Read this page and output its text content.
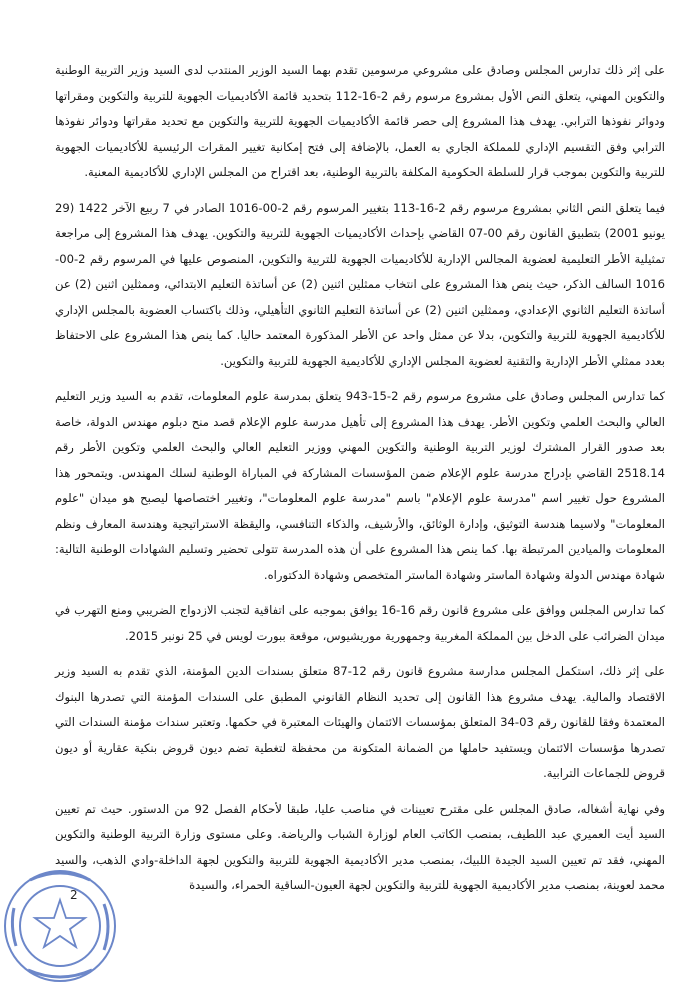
على إثر ذلك تدارس المجلس وصادق على مشروعي مرسومين تقدم بهما السيد الوزير المنتدب لدى السيد وزير التربية الوطنية والتكوين المهني، يتعلق النص الأول بمشروع مرسوم رقم 2-16-112 بتحديد قائمة الأكاديميات الجهوية للتربية والتكوين ومقراتها ودوائر نفوذها الترابي. يهدف هذا المشروع إلى حصر قائمة الأكاديميات الجهوية للتربية والتكوين مع تحديد مقراتها ودوائر نفوذها الترابي وفق التقسيم الإداري للمملكة الجاري به العمل، بالإضافة إلى فتح إمكانية تغيير المقرات الرئيسية للأكاديميات الجهوية للتربية والتكوين بموجب قرار للسلطة الحكومية المكلفة بالتربية الوطنية، بعد اقتراح من المجلس الإداري للأكاديمية المعنية.

فيما يتعلق النص الثاني بمشروع مرسوم رقم 2-16-113 بتغيير المرسوم رقم 2-00-1016 الصادر في 7 ربيع الآخر 1422 (29 يونيو 2001) بتطبيق القانون رقم 00-07 القاضي بإحداث الأكاديميات الجهوية للتربية والتكوين. يهدف هذا المشروع إلى مراجعة تمثيلية الأطر التعليمية لعضوية المجالس الإدارية للأكاديميات الجهوية للتربية والتكوين، المنصوص عليها في المرسوم رقم 2-00-1016 السالف الذكر، حيث ينص هذا المشروع على انتخاب ممثلين اثنين (2) عن أساتذة التعليم الابتدائي، وممثلين اثنين (2) عن أساتذة التعليم الثانوي الإعدادي، وممثلين اثنين (2) عن أساتذة التعليم الثانوي التأهيلي، وذلك باكتساب العضوية بالمجلس الإداري للأكاديمية الجهوية للتربية والتكوين، بدلا عن ممثل واحد عن الأطر المذكورة المعتمد حاليا. كما ينص هذا المشروع على الاحتفاظ بعدد ممثلي الأطر الإدارية والتقنية لعضوية المجلس الإداري للأكاديمية الجهوية للتربية والتكوين.

كما تدارس المجلس وصادق على مشروع مرسوم رقم 2-15-943 يتعلق بمدرسة علوم المعلومات، تقدم به السيد وزير التعليم العالي والبحث العلمي وتكوين الأطر. يهدف هذا المشروع إلى تأهيل مدرسة علوم الإعلام قصد منح دبلوم مهندس الدولة، خاصة بعد صدور القرار المشترك لوزير التربية الوطنية والتكوين المهني ووزير التعليم العالي والبحث العلمي وتكوين الأطر رقم 2518.14 القاضي بإدراج مدرسة علوم الإعلام ضمن المؤسسات المشاركة في المباراة الوطنية لسلك المهندس. ويتمحور هذا المشروع حول تغيير اسم "مدرسة علوم الإعلام" باسم "مدرسة علوم المعلومات"، وتغيير اختصاصها ليصبح هو ميدان "علوم المعلومات" ولاسيما هندسة التوثيق، وإدارة الوثائق، والأرشيف، والذكاء التنافسي، واليقظة الاستراتيجية وهندسة المعارف ونظم المعلومات والميادين المرتبطة بها. كما ينص هذا المشروع على أن هذه المدرسة تتولى تحضير وتسليم الشهادات الوطنية التالية: شهادة مهندس الدولة وشهادة الماستر وشهادة الماستر المتخصص وشهادة الدكتوراه.

كما تدارس المجلس ووافق على مشروع قانون رقم 16-16 يوافق بموجبه على اتفاقية لتجنب الازدواج الضريبي ومنع التهرب في ميدان الضرائب على الدخل بين المملكة المغربية وجمهورية موريشيوس، موقعة ببورت لويس في 25 نونبر 2015.

على إثر ذلك، استكمل المجلس مدارسة مشروع قانون رقم 12-87 متعلق بسندات الدين المؤمنة، الذي تقدم به السيد وزير الاقتصاد والمالية. يهدف مشروع هذا القانون إلى تحديد النظام القانوني المطبق على السندات المؤمنة التي تصدرها البنوك المعتمدة وفقا للقانون رقم 03-34 المتعلق بمؤسسات الائتمان والهيئات المعتبرة في حكمها. وتعتبر سندات مؤمنة السندات التي تصدرها مؤسسات الائتمان ويستفيد حاملها من الضمانة المتكونة من محفظة لتغطية تضم ديون قروض بنكية عقارية أو ديون قروض للجماعات الترابية.

وفي نهاية أشغاله، صادق المجلس على مقترح تعيينات في مناصب عليا، طبقا لأحكام الفصل 92 من الدستور. حيث تم تعيين السيد أيت العميري عبد اللطيف، بمنصب الكاتب العام لوزارة الشباب والرياضة. وعلى مستوى وزارة التربية الوطنية والتكوين المهني، فقد تم تعيين السيد الجيدة اللبيك، بمنصب مدير الأكاديمية الجهوية للتربية والتكوين لجهة الداخلة-وادي الذهب، والسيد محمد لعوينة، بمنصب مدير الأكاديمية الجهوية للتربية والتكوين لجهة العيون-الساقية الحمراء، والسيدة

2
